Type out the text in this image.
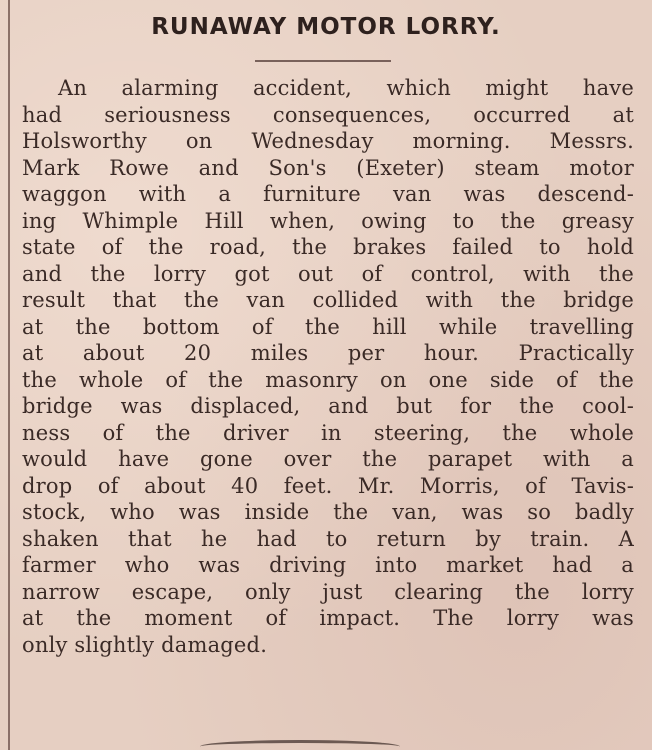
RUNAWAY MOTOR LORRY.
An alarming accident, which might have
had seriousness consequences, occurred at
Holsworthy on Wednesday morning. Messrs.
Mark Rowe and Son's (Exeter) steam motor
waggon with a furniture van was descend-
ing Whimple Hill when, owing to the greasy
state of the road, the brakes failed to hold
and the lorry got out of control, with the
result that the van collided with the bridge
at the bottom of the hill while travelling
at about 20 miles per hour. Practically
the whole of the masonry on one side of the
bridge was displaced, and but for the cool-
ness of the driver in steering, the whole
would have gone over the parapet with a
drop of about 40 feet. Mr. Morris, of Tavis-
stock, who was inside the van, was so badly
shaken that he had to return by train. A
farmer who was driving into market had a
narrow escape, only just clearing the lorry
at the moment of impact. The lorry was
only slightly damaged.
